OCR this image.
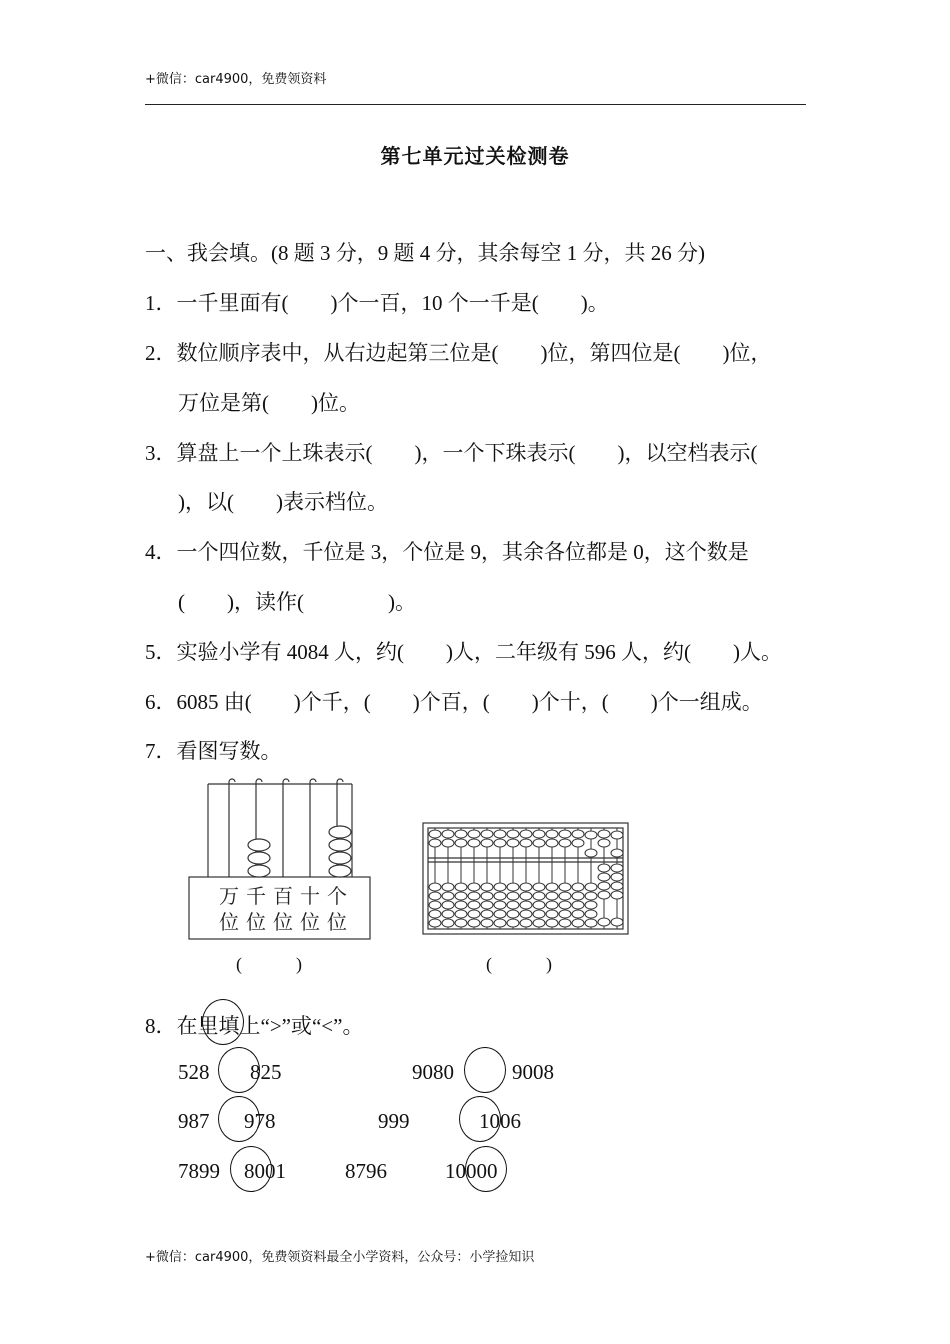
+微信：car4900，免费领资料
第七单元过关检测卷
一、我会填。(8 题 3 分，9 题 4 分，其余每空 1 分，共 26 分)
1．一千里面有(　　)个一百，10 个一千是(　　)。
2．数位顺序表中，从右边起第三位是(　　)位，第四位是(　　)位，
万位是第(　　)位。
3．算盘上一个上珠表示(　　)，一个下珠表示(　　)，以空档表示(
)，以(　　)表示档位。
4．一个四位数，千位是 3，个位是 9，其余各位都是 0，这个数是
(　　)，读作(　　　　)。
5．实验小学有 4084 人，约(　　)人，二年级有 596 人，约(　　)人。
6．6085 由(　　)个千，(　　)个百，(　　)个十，(　　)个一组成。
7．看图写数。
万 千 百 十 个
位 位 位 位 位
(　　　)	(　　　)
8．在里填上“>”或“<”。
528 825	9080	9008
987 978	999	1006
7899 8001	8796	10000
+微信：car4900，免费领资料最全小学资料，公众号：小学捡知识
